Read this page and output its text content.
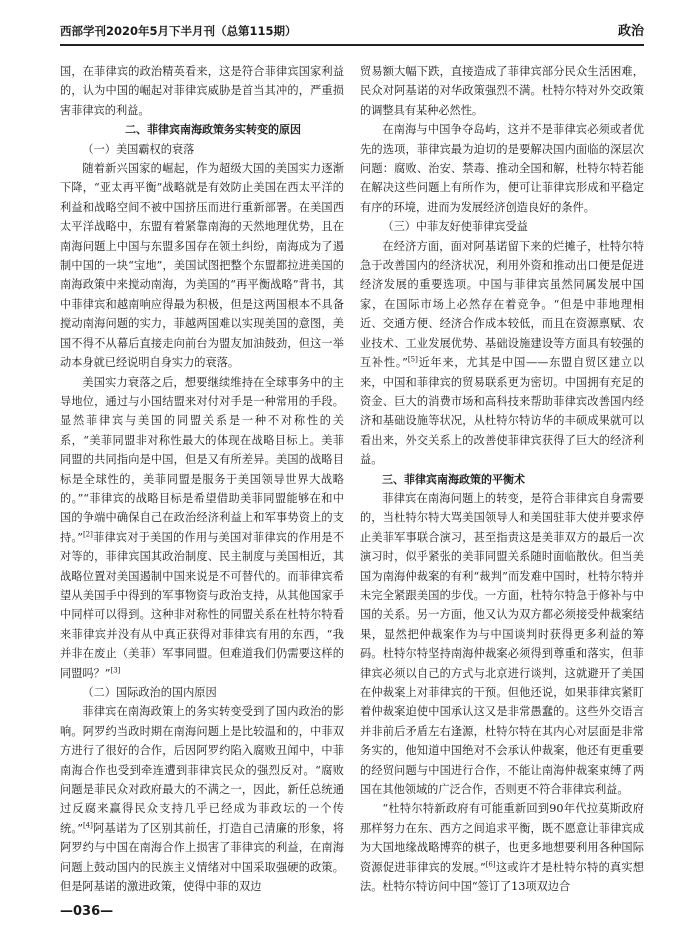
西部学刊2020年5月下半月刊（总第115期）	政治

国，在菲律宾的政治精英看来，这是符合菲律宾国家利益的，认为中国的崛起对菲律宾威胁是首当其冲的，严重损害菲律宾的利益。

二、菲律宾南海政策务实转变的原因

（一）美国霸权的衰落

随着新兴国家的崛起，作为超级大国的美国实力逐渐下降，“亚太再平衡”战略就是有效防止美国在西太平洋的利益和战略空间不被中国挤压而进行重新部署。在美国西太平洋战略中，东盟有着紧靠南海的天然地理优势，且在南海问题上中国与东盟多国存在领土纠纷，南海成为了遏制中国的一块“宝地”，美国试图把整个东盟都拉进美国的南海政策中来搅动南海，为美国的“再平衡战略”背书，其中菲律宾和越南响应得最为积极，但是这两国根本不具备搅动南海问题的实力，菲越两国难以实现美国的意图，美国不得不从幕后直接走向前台为盟友加油鼓劲，但这一举动本身就已经说明自身实力的衰落。

美国实力衰落之后，想要继续维持在全球事务中的主导地位，通过与小国结盟来对付对手是一种常用的手段。显然菲律宾与美国的同盟关系是一种不对称性的关系，“美菲同盟非对称性最大的体现在战略目标上。美菲同盟的共同指向是中国，但是又有所差异。美国的战略目标是全球性的，美菲同盟是服务于美国领导世界大战略的。”“菲律宾的战略目标是希望借助美菲同盟能够在和中国的争端中确保自己在政治经济利益上和军事势资上的支持。”[2]菲律宾对于美国的作用与美国对菲律宾的作用是不对等的，菲律宾国其政治制度、民主制度与美国相近，其战略位置对美国遏制中国来说是不可替代的。而菲律宾希望从美国手中得到的军事物资与政治支持，从其他国家手中同样可以得到。这种非对称性的同盟关系在杜特尔特看来菲律宾并没有从中真正获得对菲律宾有用的东西，“我并非在废止（美菲）军事同盟。但难道我们仍需要这样的同盟吗？”[3]

（二）国际政治的国内原因

菲律宾在南海政策上的务实转变受到了国内政治的影响。阿罗约当政时期在南海问题上是比较温和的，中菲双方进行了很好的合作，后因阿罗约陷入腐败丑闻中，中菲南海合作也受到牵连遭到菲律宾民众的强烈反对。“腐败问题是菲民众对政府最大的不满之一，因此，新任总统通过反腐来赢得民众支持几乎已经成为菲政坛的一个传统。”[4]阿基诺为了区别其前任，打造自己清廉的形象，将阿罗约与中国在南海合作上损害了菲律宾的利益，在南海问题上鼓动国内的民族主义情绪对中国采取强硬的政策。但是阿基诺的激进政策，使得中菲的双边

贸易额大幅下跌，直接造成了菲律宾部分民众生活困难，民众对阿基诺的对华政策强烈不满。杜特尔特对外交政策的调整具有某种必然性。

在南海与中国争夺岛屿，这并不是菲律宾必须或者优先的选项，菲律宾最为迫切的是要解决国内面临的深层次问题：腐败、治安、禁毒、推动全国和解，杜特尔特若能在解决这些问题上有所作为，便可让菲律宾形成和平稳定有序的环境，进而为发展经济创造良好的条件。

（三）中菲友好使菲律宾受益

在经济方面，面对阿基诺留下来的烂摊子，杜特尔特急于改善国内的经济状况，利用外资和推动出口便是促进经济发展的重要选项。中国与菲律宾虽然同属发展中国家，在国际市场上必然存在着竞争。“但是中菲地理相近、交通方便、经济合作成本较低，而且在资源禀赋、农业技术、工业发展优势、基础设施建设等方面具有较强的互补性。”[5]近年来，尤其是中国——东盟自贸区建立以来，中国和菲律宾的贸易联系更为密切。中国拥有充足的资金、巨大的消费市场和高科技来帮助菲律宾改善国内经济和基础设施等状况，从杜特尔特访华的丰硕成果就可以看出来，外交关系上的改善使菲律宾获得了巨大的经济利益。

三、菲律宾南海政策的平衡术

菲律宾在南海问题上的转变，是符合菲律宾自身需要的，当杜特尔特大骂美国领导人和美国驻菲大使并要求停止美菲军事联合演习，甚至指责这是美菲双方的最后一次演习时，似乎紧张的美菲同盟关系随时面临散伙。但当美国为南海仲裁案的有利“裁判”而发难中国时，杜特尔特并未完全紧跟美国的步伐。一方面，杜特尔特急于修补与中国的关系。另一方面，他又认为双方都必须接受仲裁案结果，显然把仲裁案作为与中国谈判时获得更多利益的筹码。杜特尔特坚持南海仲裁案必须得到尊重和落实，但菲律宾必须以自己的方式与北京进行谈判，这就避开了美国在仲裁案上对菲律宾的干预。但他还说，如果菲律宾紧盯着仲裁案迫使中国承认这又是非常愚蠢的。这些外交语言并非前后矛盾左右逢源，杜特尔特在其内心对层面是非常务实的，他知道中国绝对不会承认仲裁案，他还有更重要的经贸问题与中国进行合作，不能让南海仲裁案束缚了两国在其他领域的广泛合作，否则更不符合菲律宾利益。

“杜特尔特新政府有可能重新回到90年代拉莫斯政府那样努力在东、西方之间追求平衡，既不愿意让菲律宾成为大国地缘战略博弈的棋子，也更多地想要利用各种国际资源促进菲律宾的发展。”[6]这或许才是杜特尔特的真实想法。杜特尔特访问中国“签订了13项双边合

—036—
